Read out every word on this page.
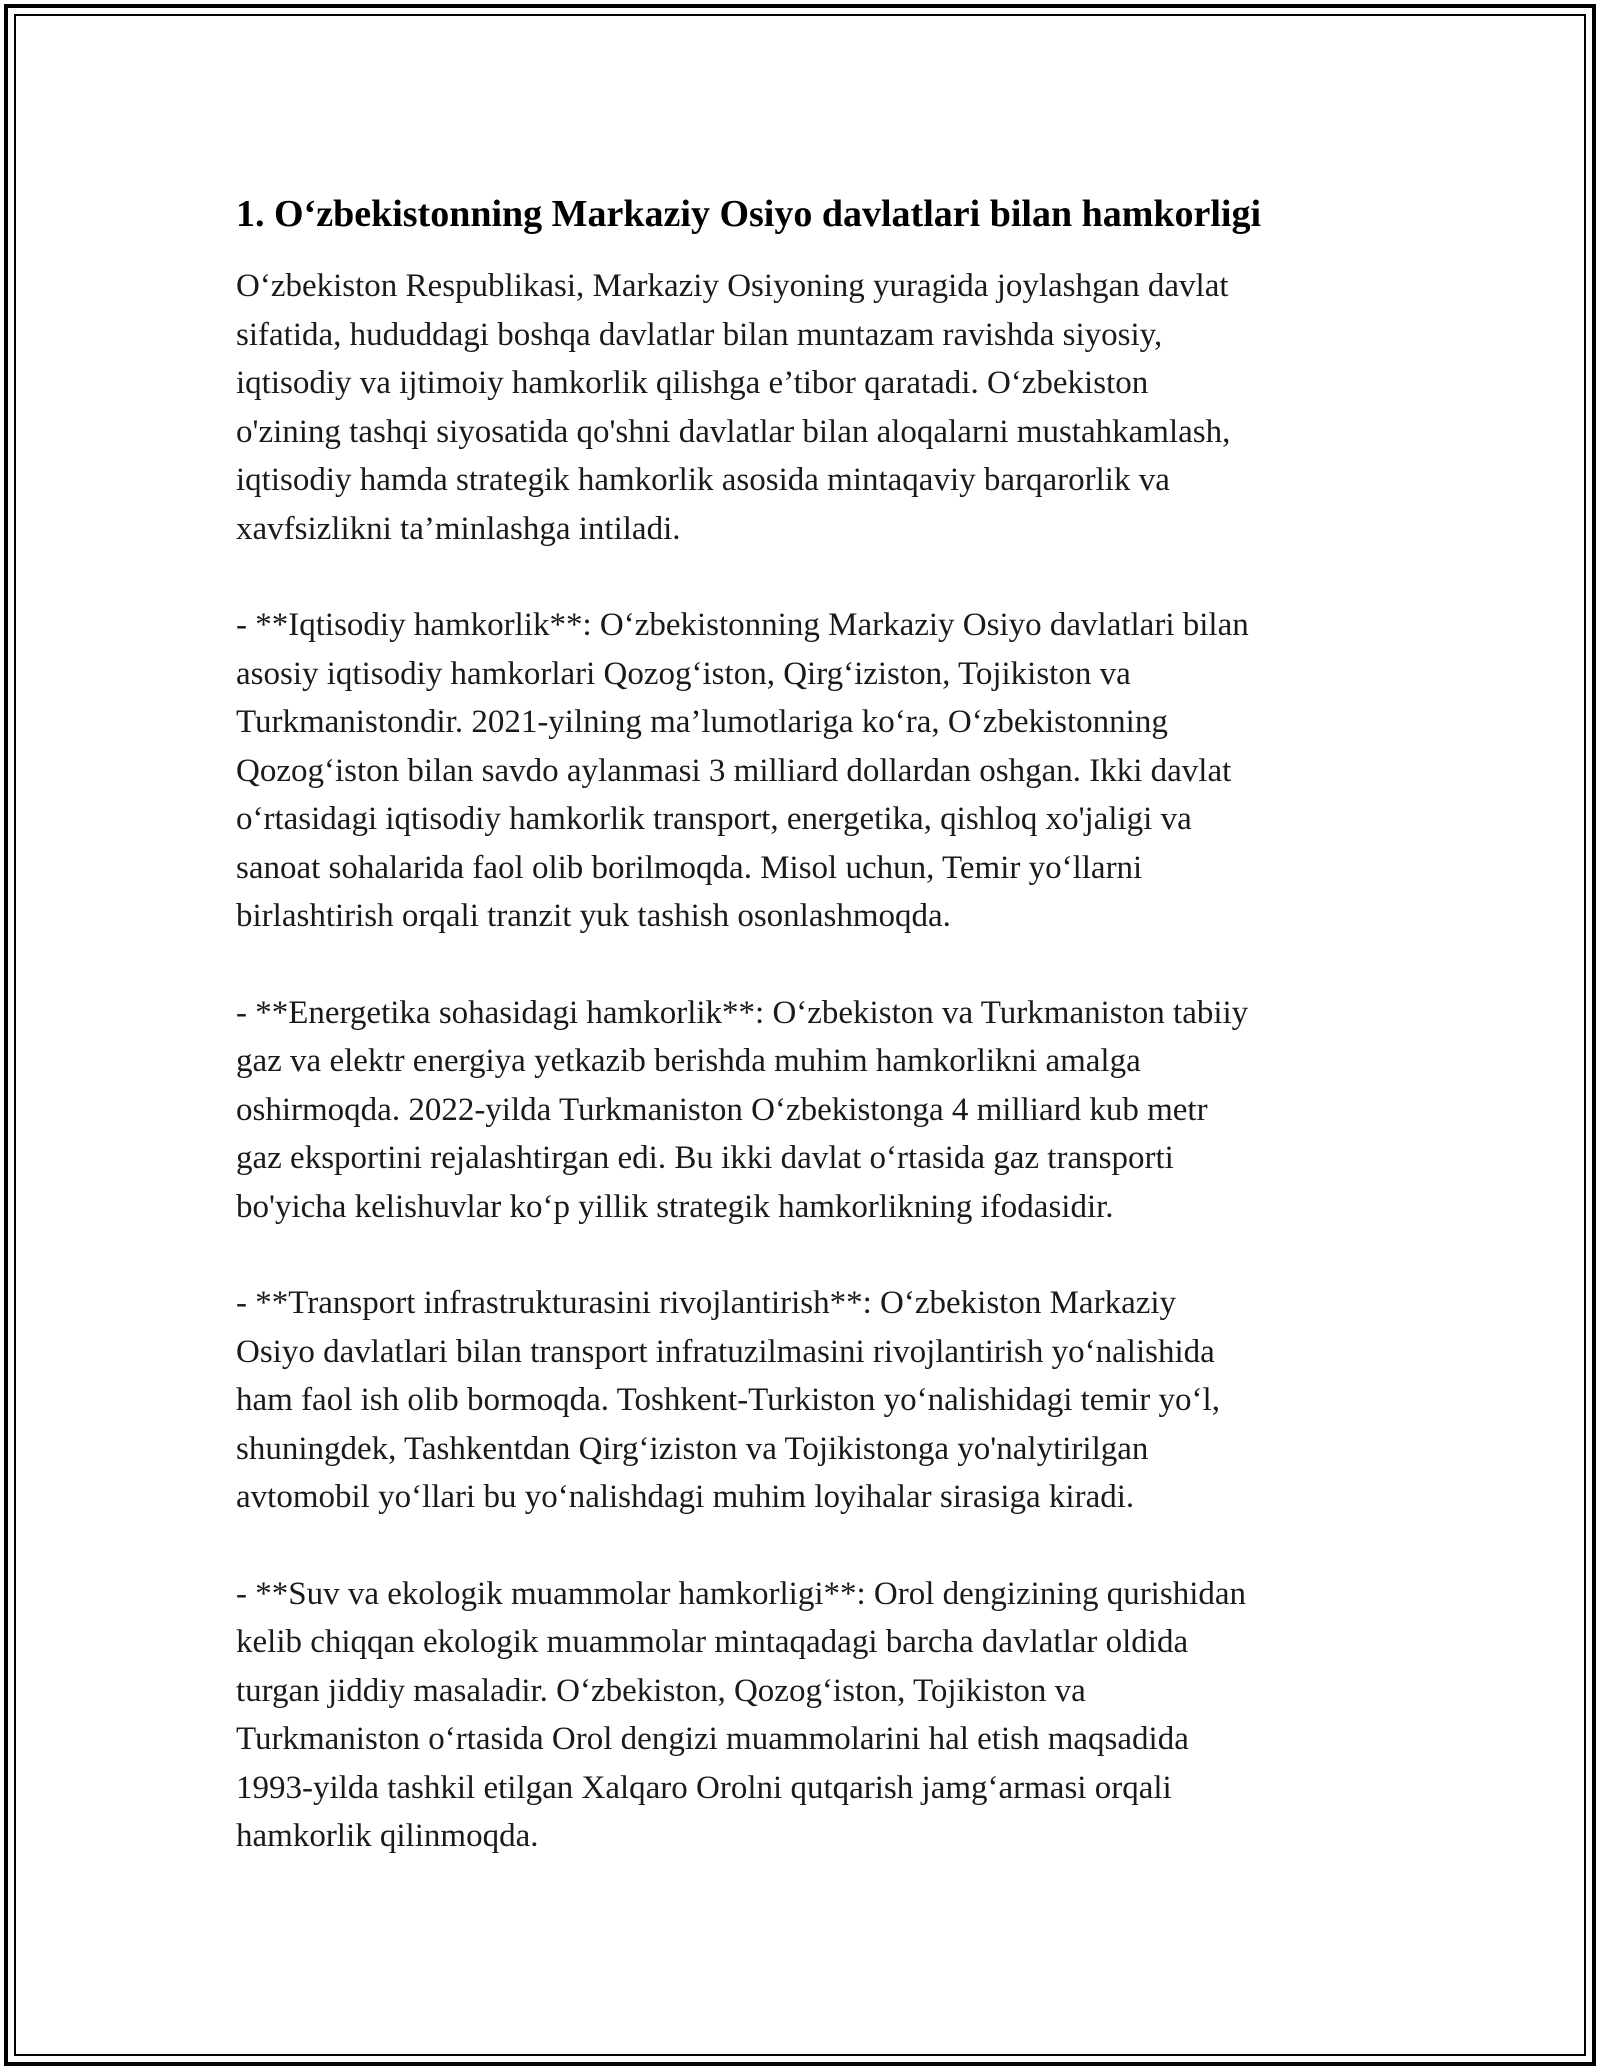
1. O‘zbekistonning Markaziy Osiyo davlatlari bilan hamkorligi

O‘zbekiston Respublikasi, Markaziy Osiyoning yuragida joylashgan davlat
sifatida, hududdagi boshqa davlatlar bilan muntazam ravishda siyosiy,
iqtisodiy va ijtimoiy hamkorlik qilishga e’tibor qaratadi. O‘zbekiston
o'zining tashqi siyosatida qo'shni davlatlar bilan aloqalarni mustahkamlash,
iqtisodiy hamda strategik hamkorlik asosida mintaqaviy barqarorlik va
xavfsizlikni ta’minlashga intiladi.

- **Iqtisodiy hamkorlik**: O‘zbekistonning Markaziy Osiyo davlatlari bilan
asosiy iqtisodiy hamkorlari Qozog‘iston, Qirg‘iziston, Tojikiston va
Turkmanistondir. 2021-yilning ma’lumotlariga ko‘ra, O‘zbekistonning
Qozog‘iston bilan savdo aylanmasi 3 milliard dollardan oshgan. Ikki davlat
o‘rtasidagi iqtisodiy hamkorlik transport, energetika, qishloq xo'jaligi va
sanoat sohalarida faol olib borilmoqda. Misol uchun, Temir yo‘llarni
birlashtirish orqali tranzit yuk tashish osonlashmoqda.

- **Energetika sohasidagi hamkorlik**: O‘zbekiston va Turkmaniston tabiiy
gaz va elektr energiya yetkazib berishda muhim hamkorlikni amalga
oshirmoqda. 2022-yilda Turkmaniston O‘zbekistonga 4 milliard kub metr
gaz eksportini rejalashtirgan edi. Bu ikki davlat o‘rtasida gaz transporti
bo'yicha kelishuvlar ko‘p yillik strategik hamkorlikning ifodasidir.

- **Transport infrastrukturasini rivojlantirish**: O‘zbekiston Markaziy
Osiyo davlatlari bilan transport infratuzilmasini rivojlantirish yo‘nalishida
ham faol ish olib bormoqda. Toshkent-Turkiston yo‘nalishidagi temir yo‘l,
shuningdek, Tashkentdan Qirg‘iziston va Tojikistonga yo'nalytirilgan
avtomobil yo‘llari bu yo‘nalishdagi muhim loyihalar sirasiga kiradi.

- **Suv va ekologik muammolar hamkorligi**: Orol dengizining qurishidan
kelib chiqqan ekologik muammolar mintaqadagi barcha davlatlar oldida
turgan jiddiy masaladir. O‘zbekiston, Qozog‘iston, Tojikiston va
Turkmaniston o‘rtasida Orol dengizi muammolarini hal etish maqsadida
1993-yilda tashkil etilgan Xalqaro Orolni qutqarish jamg‘armasi orqali
hamkorlik qilinmoqda.
